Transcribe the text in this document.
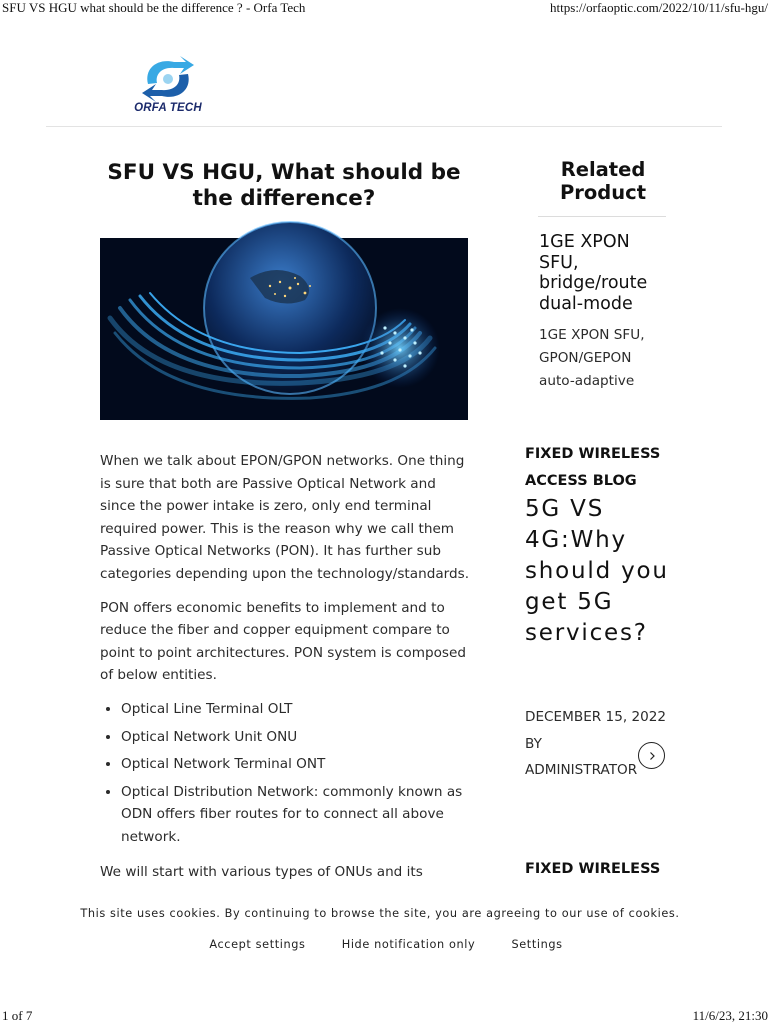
SFU VS HGU what should be the difference ? - Orfa Tech	https://orfaoptic.com/2022/10/11/sfu-hgu/
ORFA TECH
SFU VS HGU, What should be the difference?

When we talk about EPON/GPON networks. One thing is sure that both are Passive Optical Network and since the power intake is zero, only end terminal required power. This is the reason why we call them Passive Optical Networks (PON). It has further sub categories depending upon the technology/standards.

PON offers economic benefits to implement and to reduce the fiber and copper equipment compare to point to point architectures. PON system is composed of below entities.

• Optical Line Terminal OLT
• Optical Network Unit ONU
• Optical Network Terminal ONT
• Optical Distribution Network: commonly known as ODN offers fiber routes for to connect all above network.
We will start with various types of ONUs and its
Related Product
1GE XPON SFU, bridge/route dual-mode
1GE XPON SFU, GPON/GEPON auto-adaptive
FIXED WIRELESS ACCESS BLOG
5G VS 4G:Why should you get 5G services?
DECEMBER 15, 2022
BY
ADMINISTRATOR
FIXED WIRELESS
This site uses cookies. By continuing to browse the site, you are agreeing to our use of cookies.
Accept settings	Hide notification only	Settings
1 of 7	11/6/23, 21:30
